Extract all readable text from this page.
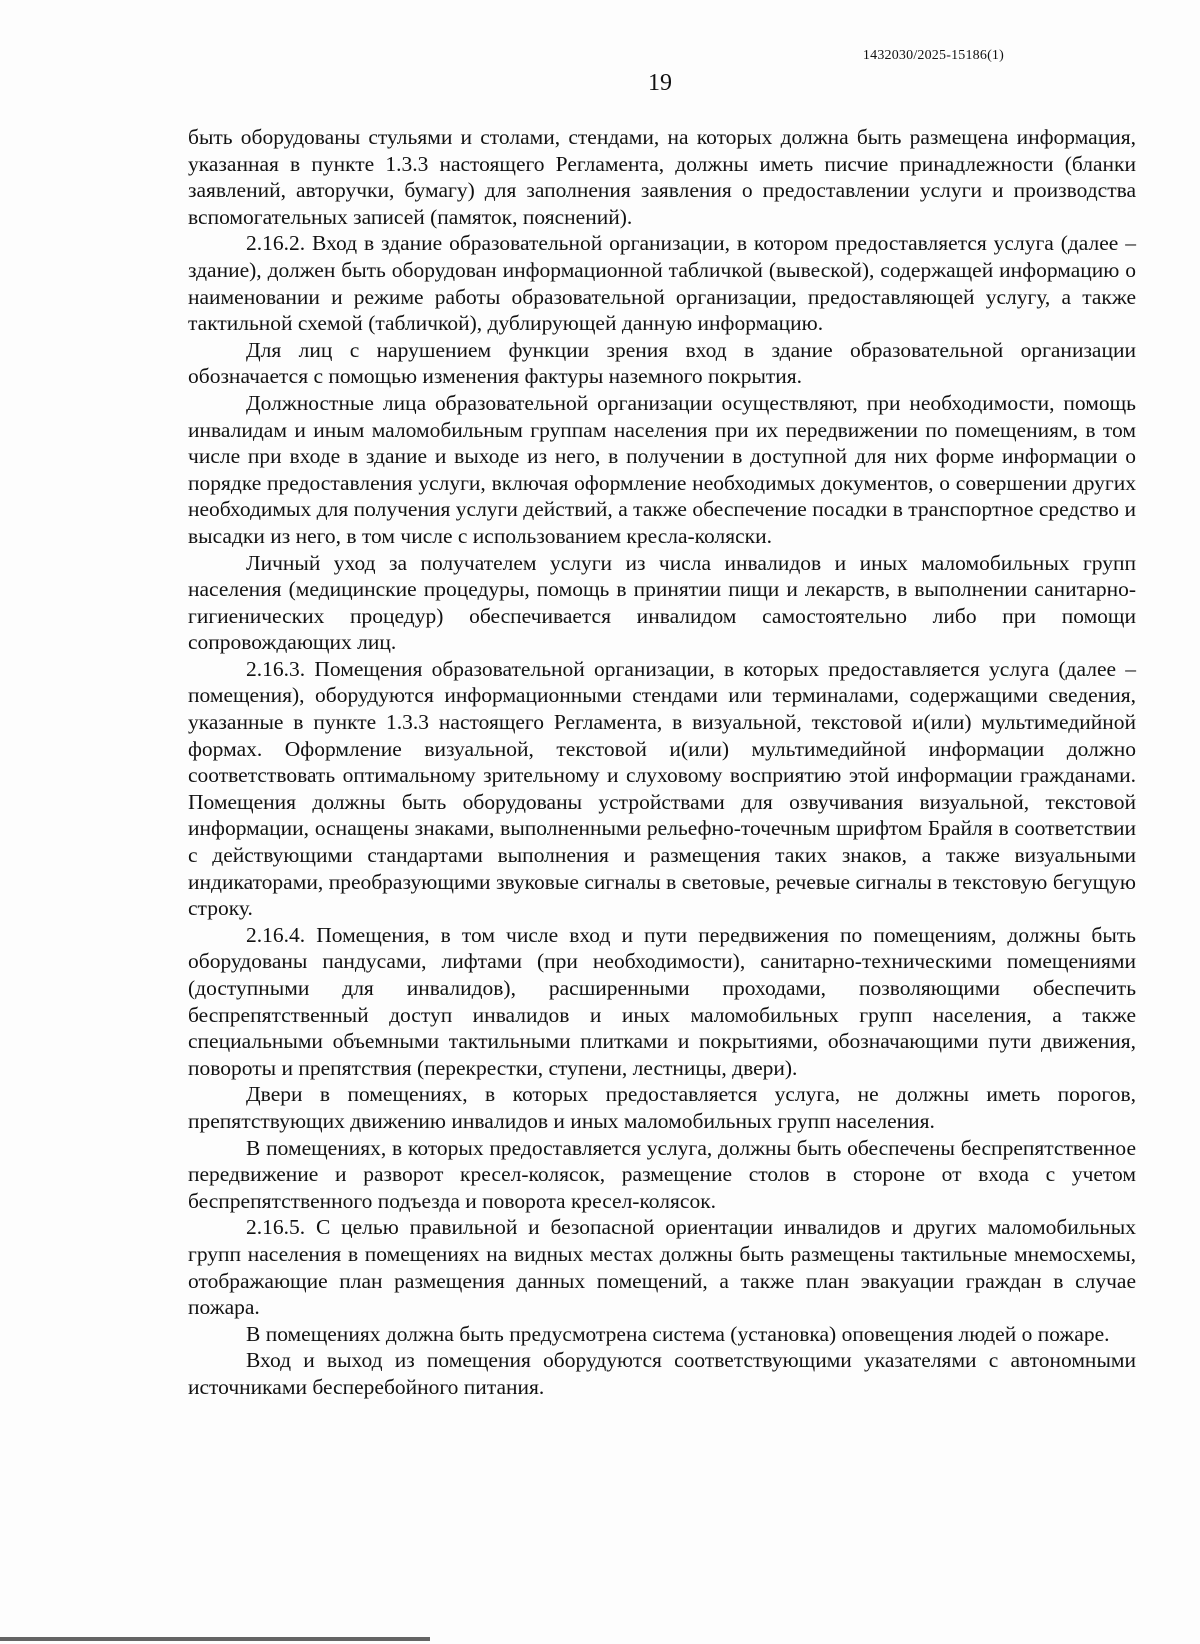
1432030/2025-15186(1)
19

быть оборудованы стульями и столами, стендами, на которых должна быть размещена информация, указанная в пункте 1.3.3 настоящего Регламента, должны иметь писчие принадлежности (бланки заявлений, авторучки, бумагу) для заполнения заявления о предоставлении услуги и производства вспомогательных записей (памяток, пояснений).

2.16.2. Вход в здание образовательной организации, в котором предоставляется услуга (далее – здание), должен быть оборудован информационной табличкой (вывеской), содержащей информацию о наименовании и режиме работы образовательной организации, предоставляющей услугу, а также тактильной схемой (табличкой), дублирующей данную информацию.

Для лиц с нарушением функции зрения вход в здание образовательной организации обозначается с помощью изменения фактуры наземного покрытия.

Должностные лица образовательной организации осуществляют, при необходимости, помощь инвалидам и иным маломобильным группам населения при их передвижении по помещениям, в том числе при входе в здание и выходе из него, в получении в доступной для них форме информации о порядке предоставления услуги, включая оформление необходимых документов, о совершении других необходимых для получения услуги действий, а также обеспечение посадки в транспортное средство и высадки из него, в том числе с использованием кресла-коляски.

Личный уход за получателем услуги из числа инвалидов и иных маломобильных групп населения (медицинские процедуры, помощь в принятии пищи и лекарств, в выполнении санитарно-гигиенических процедур) обеспечивается инвалидом самостоятельно либо при помощи сопровождающих лиц.

2.16.3. Помещения образовательной организации, в которых предоставляется услуга (далее – помещения), оборудуются информационными стендами или терминалами, содержащими сведения, указанные в пункте 1.3.3 настоящего Регламента, в визуальной, текстовой и(или) мультимедийной формах. Оформление визуальной, текстовой и(или) мультимедийной информации должно соответствовать оптимальному зрительному и слуховому восприятию этой информации гражданами. Помещения должны быть оборудованы устройствами для озвучивания визуальной, текстовой информации, оснащены знаками, выполненными рельефно-точечным шрифтом Брайля в соответствии с действующими стандартами выполнения и размещения таких знаков, а также визуальными индикаторами, преобразующими звуковые сигналы в световые, речевые сигналы в текстовую бегущую строку.

2.16.4. Помещения, в том числе вход и пути передвижения по помещениям, должны быть оборудованы пандусами, лифтами (при необходимости), санитарно-техническими помещениями (доступными для инвалидов), расширенными проходами, позволяющими обеспечить беспрепятственный доступ инвалидов и иных маломобильных групп населения, а также специальными объемными тактильными плитками и покрытиями, обозначающими пути движения, повороты и препятствия (перекрестки, ступени, лестницы, двери).

Двери в помещениях, в которых предоставляется услуга, не должны иметь порогов, препятствующих движению инвалидов и иных маломобильных групп населения.

В помещениях, в которых предоставляется услуга, должны быть обеспечены беспрепятственное передвижение и разворот кресел-колясок, размещение столов в стороне от входа с учетом беспрепятственного подъезда и поворота кресел-колясок.

2.16.5. С целью правильной и безопасной ориентации инвалидов и других маломобильных групп населения в помещениях на видных местах должны быть размещены тактильные мнемосхемы, отображающие план размещения данных помещений, а также план эвакуации граждан в случае пожара.

В помещениях должна быть предусмотрена система (установка) оповещения людей о пожаре.

Вход и выход из помещения оборудуются соответствующими указателями с автономными источниками бесперебойного питания.
